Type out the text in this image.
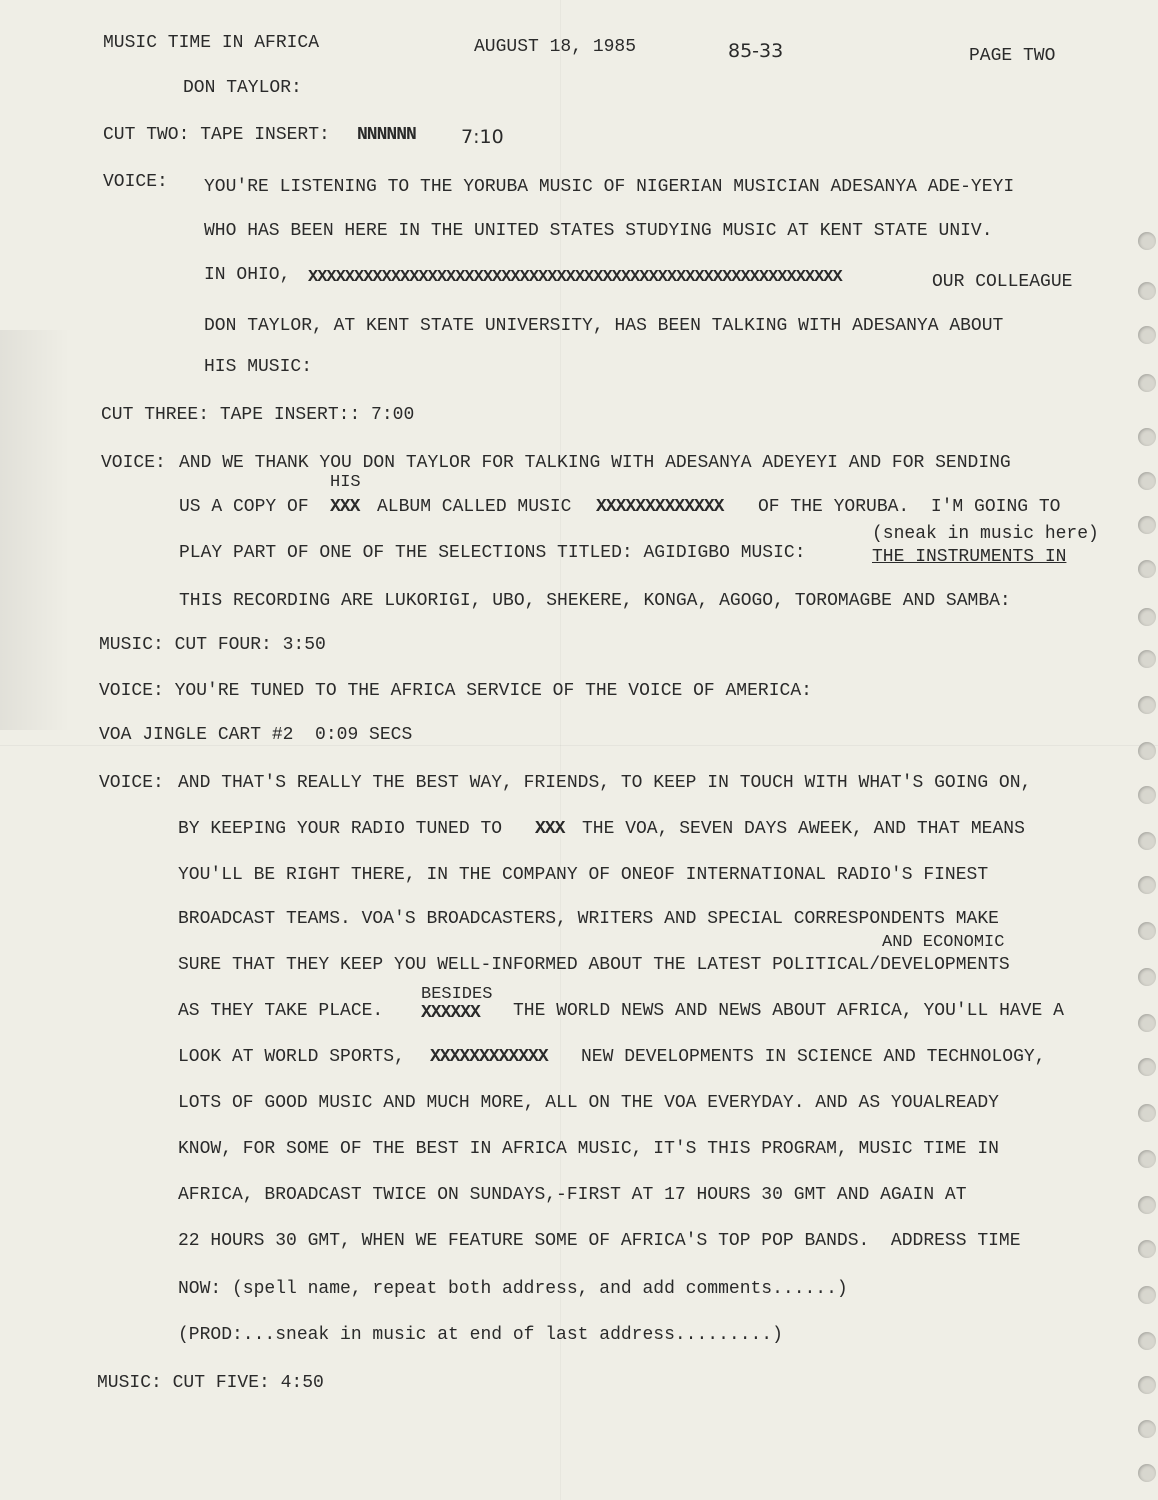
MUSIC TIME IN AFRICA	AUGUST 18, 1985	85-33	PAGE TWO
DON TAYLOR:
CUT TWO: TAPE INSERT: NNNNNN 7:10
VOICE: YOU'RE LISTENING TO THE YORUBA MUSIC OF NIGERIAN MUSICIAN ADESANYA ADE-YEYI
WHO HAS BEEN HERE IN THE UNITED STATES STUDYING MUSIC AT KENT STATE UNIV.
IN OHIO, XXXXXXXXXXXXXXXXXXXXXXXXXXXXXXXXXXXXXXXXXXXXXXXXXXXXXXXXXX	OUR COLLEAGUE
DON TAYLOR, AT KENT STATE UNIVERSITY, HAS BEEN TALKING WITH ADESANYA ABOUT
HIS MUSIC:
CUT THREE: TAPE INSERT:: 7:00
VOICE: AND WE THANK YOU DON TAYLOR FOR TALKING WITH ADESANYA ADEYEYI AND FOR SENDING
HIS
US A COPY OF XXX ALBUM CALLED MUSIC XXXXXXXXXXXXX OF THE YORUBA.  I'M GOING TO
(sneak in music here)
PLAY PART OF ONE OF THE SELECTIONS TITLED: AGIDIGBO MUSIC:	THE INSTRUMENTS IN
THIS RECORDING ARE LUKORIGI, UBO, SHEKERE, KONGA, AGOGO, TOROMAGBE AND SAMBA:
MUSIC: CUT FOUR: 3:50
VOICE: YOU'RE TUNED TO THE AFRICA SERVICE OF THE VOICE OF AMERICA:
VOA JINGLE CART #2  0:09 SECS
VOICE: AND THAT'S REALLY THE BEST WAY, FRIENDS, TO KEEP IN TOUCH WITH WHAT'S GOING ON,
BY KEEPING YOUR RADIO TUNED TO XXX THE VOA, SEVEN DAYS AWEEK, AND THAT MEANS
YOU'LL BE RIGHT THERE, IN THE COMPANY OF ONEOF INTERNATIONAL RADIO'S FINEST
BROADCAST TEAMS. VOA'S BROADCASTERS, WRITERS AND SPECIAL CORRESPONDENTS MAKE
AND ECONOMIC
SURE THAT THEY KEEP YOU WELL-INFORMED ABOUT THE LATEST POLITICAL/DEVELOPMENTS
BESIDES
AS THEY TAKE PLACE. XXXXXX THE WORLD NEWS AND NEWS ABOUT AFRICA, YOU'LL HAVE A
LOOK AT WORLD SPORTS, XXXXXXXXXXXX NEW DEVELOPMENTS IN SCIENCE AND TECHNOLOGY,
LOTS OF GOOD MUSIC AND MUCH MORE, ALL ON THE VOA EVERYDAY. AND AS YOUALREADY
KNOW, FOR SOME OF THE BEST IN AFRICA MUSIC, IT'S THIS PROGRAM, MUSIC TIME IN
AFRICA, BROADCAST TWICE ON SUNDAYS,-FIRST AT 17 HOURS 30 GMT AND AGAIN AT
22 HOURS 30 GMT, WHEN WE FEATURE SOME OF AFRICA'S TOP POP BANDS.  ADDRESS TIME
NOW: (spell name, repeat both address, and add comments......)
(PROD:...sneak in music at end of last address.........)
MUSIC: CUT FIVE: 4:50
